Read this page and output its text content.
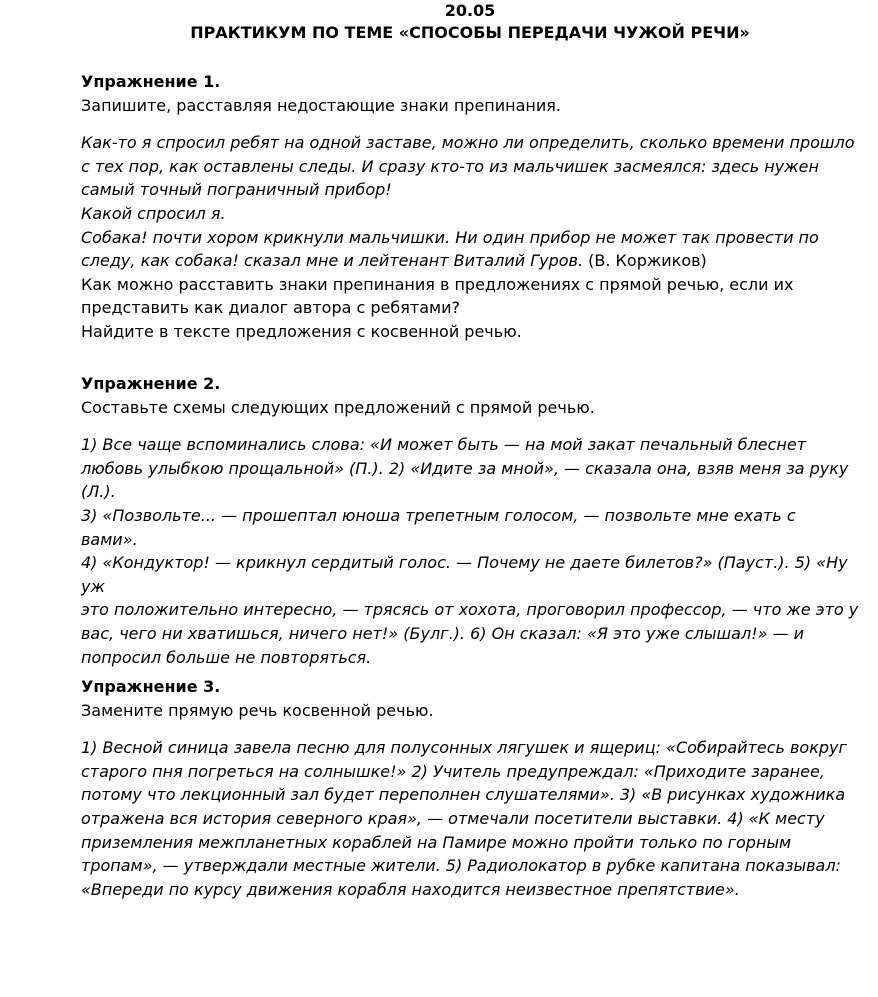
20.05
ПРАКТИКУМ ПО ТЕМЕ «СПОСОБЫ ПЕРЕДАЧИ ЧУЖОЙ РЕЧИ»

Упражнение 1.

Запишите, расставляя недостающие знаки препинания.

Как-то я спросил ребят на одной заставе, можно ли определить, сколько времени прошло

с тех пор, как оставлены следы. И сразу кто-то из мальчишек засмеялся: здесь нужен

самый точный пограничный прибор!

Какой спросил я.

Собака! почти хором крикнули мальчишки. Ни один прибор не может так провести по

следу, как собака! сказал мне и лейтенант Виталий Гуров. (В. Коржиков)

Как можно расставить знаки препинания в предложениях с прямой речью, если их

представить как диалог автора с ребятами?

Найдите в тексте предложения с косвенной речью.

Упражнение 2.

Составьте схемы следующих предложений с прямой речью.

1) Все чаще вспоминались слова: «И может быть — на мой закат печальный блеснет

любовь улыбкою прощальной» (П.). 2) «Идите за мной», — сказала она, взяв меня за руку

(Л.).

3) «Позвольте... — прошептал юноша трепетным голосом, — позвольте мне ехать с

вами».

4) «Кондуктор! — крикнул сердитый голос. — Почему не даете билетов?» (Пауст.). 5) «Ну уж

это положительно интересно, — трясясь от хохота, проговорил профессор, — что же это у

вас, чего ни хватишься, ничего нет!» (Булг.). 6) Он сказал: «Я это уже слышал!» — и

попросил больше не повторяться.

Упражнение 3.

Замените прямую речь косвенной речью.

1) Весной синица завела песню для полусонных лягушек и ящериц: «Собирайтесь вокруг

старого пня погреться на солнышке!» 2) Учитель предупреждал: «Приходите заранее,

потому что лекционный зал будет переполнен слушателями». 3) «В рисунках художника

отражена вся история северного края», — отмечали посетители выставки. 4) «К месту

приземления межпланетных кораблей на Памире можно пройти только по горным

тропам», — утверждали местные жители. 5) Радиолокатор в рубке капитана показывал:

«Впереди по курсу движения корабля находится неизвестное препятствие».
